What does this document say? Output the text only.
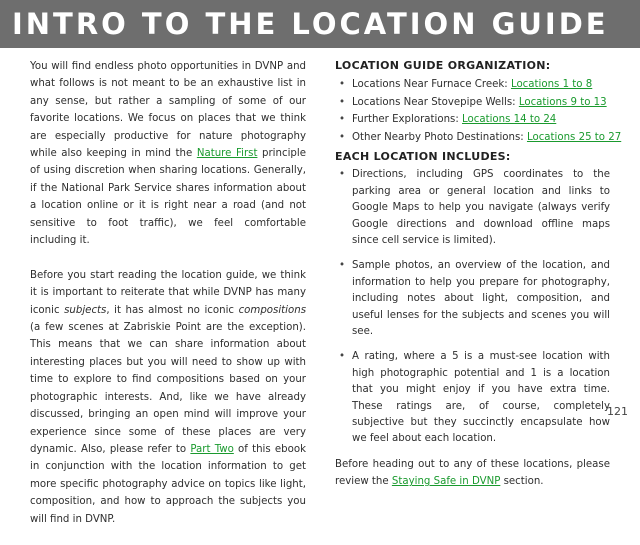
INTRO TO THE LOCATION GUIDE

You will find endless photo opportunities in DVNP and what follows is not meant to be an exhaustive list in any sense, but rather a sampling of some of our favorite locations. We focus on places that we think are especially productive for nature photography while also keeping in mind the Nature First principle of using discretion when sharing locations. Generally, if the National Park Service shares information about a location online or it is right near a road (and not sensitive to foot traffic), we feel comfortable including it.

Before you start reading the location guide, we think it is important to reiterate that while DVNP has many iconic subjects, it has almost no iconic compositions (a few scenes at Zabriskie Point are the exception). This means that we can share information about interesting places but you will need to show up with time to explore to find compositions based on your photographic interests. And, like we have already discussed, bringing an open mind will improve your experience since some of these places are very dynamic. Also, please refer to Part Two of this ebook in conjunction with the location information to get more specific photography advice on topics like light, composition, and how to approach the subjects you will find in DVNP.

LOCATION GUIDE ORGANIZATION:
• Locations Near Furnace Creek: Locations 1 to 8
• Locations Near Stovepipe Wells: Locations 9 to 13
• Further Explorations: Locations 14 to 24
• Other Nearby Photo Destinations: Locations 25 to 27
EACH LOCATION INCLUDES:
• Directions, including GPS coordinates to the parking area or general location and links to Google Maps to help you navigate (always verify Google directions and download offline maps since cell service is limited).
• Sample photos, an overview of the location, and information to help you prepare for photography, including notes about light, composition, and useful lenses for the subjects and scenes you will see.
• A rating, where a 5 is a must-see location with high photographic potential and 1 is a location that you might enjoy if you have extra time. These ratings are, of course, completely subjective but they succinctly encapsulate how we feel about each location.

Before heading out to any of these locations, please review the Staying Safe in DVNP section.

121
